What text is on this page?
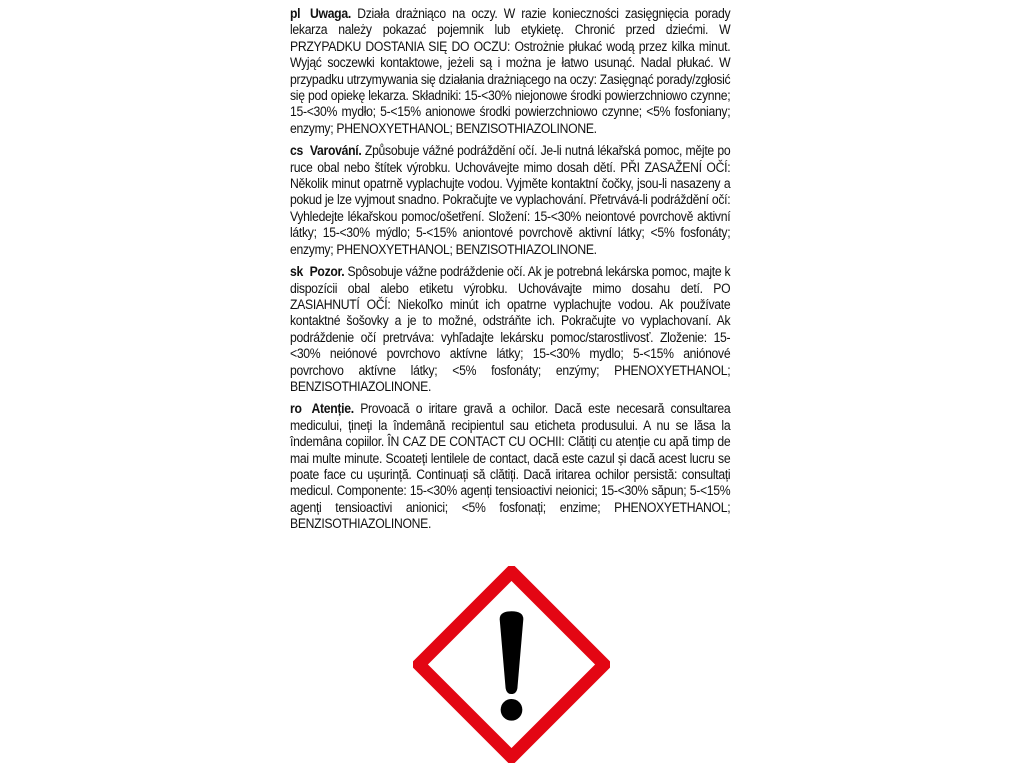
pl Uwaga. Działa drażniąco na oczy. W razie konieczności zasięgnięcia porady lekarza należy pokazać pojemnik lub etykietę. Chronić przed dziećmi. W PRZYPADKU DOSTANIA SIĘ DO OCZU: Ostrożnie płukać wodą przez kilka minut. Wyjąć soczewki kontaktowe, jeżeli są i można je łatwo usunąć. Nadal płukać. W przypadku utrzymywania się działania drażniącego na oczy: Zasięgnąć porady/zgłosić się pod opiekę lekarza. Składniki: 15-<30% niejonowe środki powierzchniowo czynne; 15-<30% mydło; 5-<15% anionowe środki powierzchniowo czynne; <5% fosfoniany; enzymy; PHENOXYETHANOL; BENZISOTHIAZOLINONE.

cs Varování. Způsobuje vážné podráždění očí. Je-li nutná lékařská pomoc, mějte po ruce obal nebo štítek výrobku. Uchovávejte mimo dosah dětí. PŘI ZASAŽENÍ OČÍ: Několik minut opatrně vyplachujte vodou. Vyjměte kontaktní čočky, jsou-li nasazeny a pokud je lze vyjmout snadno. Pokračujte ve vyplachování. Přetrvává-li podráždění očí: Vyhledejte lékařskou pomoc/ošetření. Složení: 15-<30% neiontové povrchově aktivní látky; 15-<30% mýdlo; 5-<15% aniontové povrchově aktivní látky; <5% fosfonáty; enzymy; PHENOXYETHANOL; BENZISOTHIAZOLINONE.

sk Pozor. Spôsobuje vážne podráždenie očí. Ak je potrebná lekárska pomoc, majte k dispozícii obal alebo etiketu výrobku. Uchovávajte mimo dosahu detí. PO ZASIAHNUTÍ OČÍ: Niekoľko minút ich opatrne vyplachujte vodou. Ak používate kontaktné šošovky a je to možné, odstráňte ich. Pokračujte vo vyplachovaní. Ak podráždenie očí pretrváva: vyhľadajte lekársku pomoc/starostlivosť. Zloženie: 15-<30% neiónové povrchovo aktívne látky; 15-<30% mydlo; 5-<15% aniónové povrchovo aktívne látky; <5% fosfonáty; enzýmy; PHENOXYETHANOL; BENZISOTHIAZOLINONE.

ro Atenție. Provoacă o iritare gravă a ochilor. Dacă este necesară consultarea medicului, țineți la îndemână recipientul sau eticheta produsului. A nu se lăsa la îndemâna copiilor. ÎN CAZ DE CONTACT CU OCHII: Clătiți cu atenție cu apă timp de mai multe minute. Scoateți lentilele de contact, dacă este cazul și dacă acest lucru se poate face cu ușurință. Continuați să clătiți. Dacă iritarea ochilor persistă: consultați medicul. Componente: 15-<30% agenți tensioactivi neionici; 15-<30% săpun; 5-<15% agenți tensioactivi anionici; <5% fosfonați; enzime; PHENOXYETHANOL; BENZISOTHIAZOLINONE.
